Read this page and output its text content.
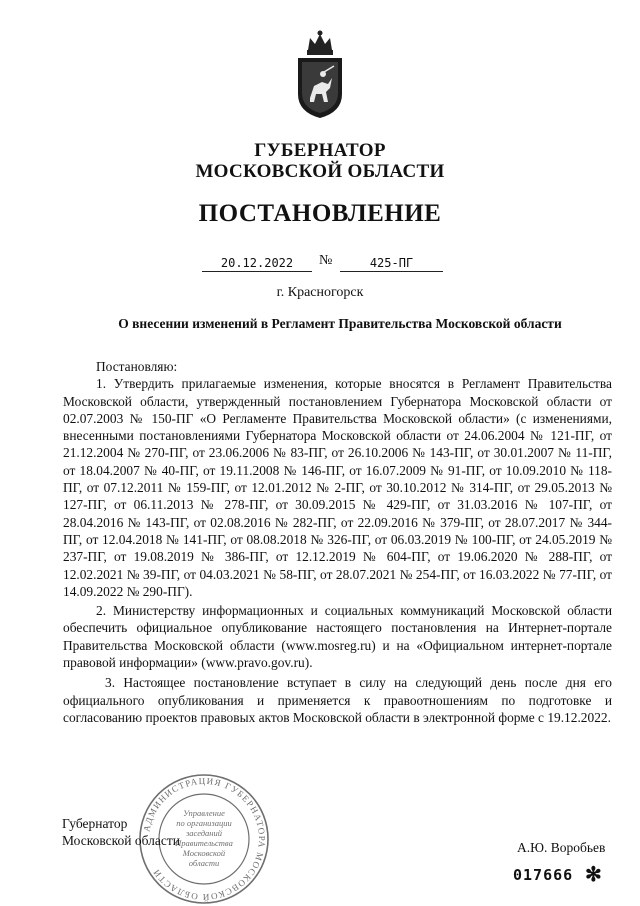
ГУБЕРНАТОР
МОСКОВСКОЙ ОБЛАСТИ
ПОСТАНОВЛЕНИЕ
20.12.2022	№	425-ПГ
г. Красногорск
О внесении изменений в Регламент Правительства Московской области

Постановляю:

1. Утвердить прилагаемые изменения, которые вносятся в Регламент Правительства Московской области, утвержденный постановлением Губернатора Московской области от 02.07.2003 № 150-ПГ «О Регламенте Правительства Московской области» (с изменениями, внесенными постановлениями Губернатора Московской области от 24.06.2004 № 121-ПГ, от 21.12.2004 № 270-ПГ, от 23.06.2006 № 83-ПГ, от 26.10.2006 № 143-ПГ, от 30.01.2007 № 11-ПГ, от 18.04.2007 № 40-ПГ, от 19.11.2008 № 146-ПГ, от 16.07.2009 № 91-ПГ, от 10.09.2010 № 118-ПГ, от 07.12.2011 № 159-ПГ, от 12.01.2012 № 2-ПГ, от 30.10.2012 № 314-ПГ, от 29.05.2013 № 127-ПГ, от 06.11.2013 № 278-ПГ, от 30.09.2015 № 429-ПГ, от 31.03.2016 № 107-ПГ, от 28.04.2016 № 143-ПГ, от 02.08.2016 № 282-ПГ, от 22.09.2016 № 379-ПГ, от 28.07.2017 № 344-ПГ, от 12.04.2018 № 141-ПГ, от 08.08.2018 № 326-ПГ, от 06.03.2019 № 100-ПГ, от 24.05.2019 № 237-ПГ, от 19.08.2019 № 386-ПГ, от 12.12.2019 № 604-ПГ, от 19.06.2020 № 288-ПГ, от 12.02.2021 № 39-ПГ, от 04.03.2021 № 58-ПГ, от 28.07.2021 № 254-ПГ, от 16.03.2022 № 77-ПГ, от 14.09.2022 № 290-ПГ).

2. Министерству информационных и социальных коммуникаций Московской области обеспечить официальное опубликование настоящего постановления на Интернет-портале Правительства Московской области (www.mosreg.ru) и на «Официальном интернет-портале правовой информации» (www.pravo.gov.ru).

3. Настоящее постановление вступает в силу на следующий день после дня его официального опубликования и применяется к правоотношениям по подготовке и согласованию проектов правовых актов Московской области в электронной форме с 19.12.2022.

АДМИНИСТРАЦИЯ ГУБЕРНАТОРА МОСКОВСКОЙ ОБЛАСТИ
Управление
по организации
заседаний
Правительства
Московской
области
Губернатор
Московской области	А.Ю. Воробьев
017666 ✻
